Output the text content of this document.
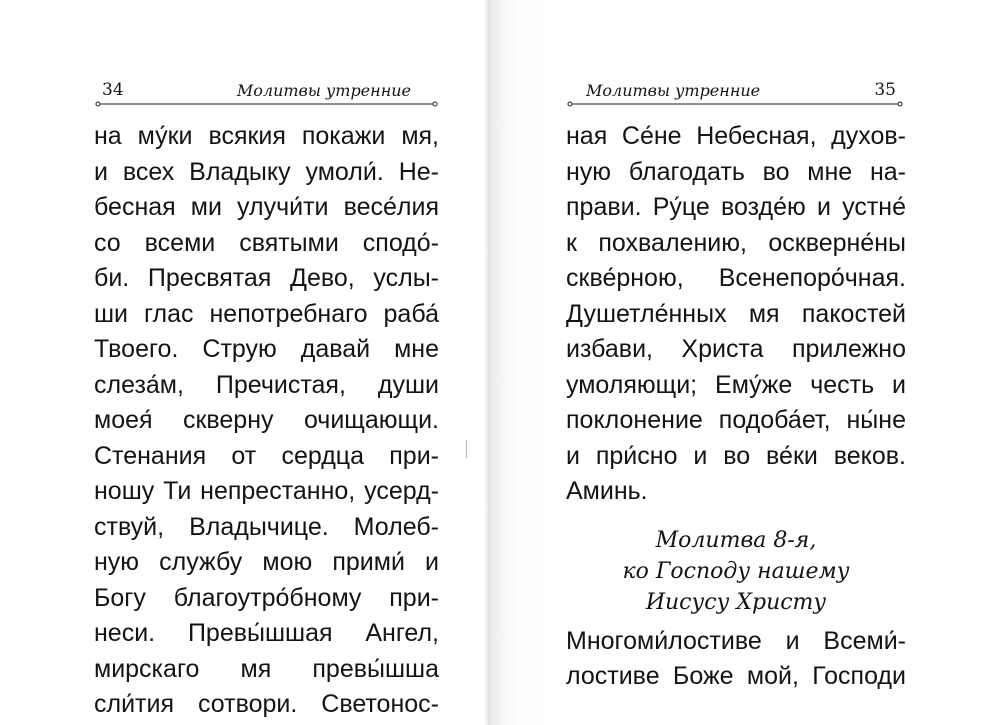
34	Молитвы утренние
на му́ки всякия покажи мя,
и всех Владыку умоли́. Не-
бесная ми улучи́ти весе́лия
со всеми святыми сподо́-
би. Пресвятая Дево, услы-
ши глас непотребнаго раба́
Твоего. Струю давай мне
слеза́м, Пречистая, души
моея́ скверну очищающи.
Стенания от сердца при-
ношу Ти непрестанно, усерд-
ствуй, Владычице. Молеб-
ную службу мою прими́ и
Богу благоутро́бному при-
неси. Превы́шшая Ангел,
мирскаго мя превы́шша
сли́тия сотвори. Светонос-
Молитвы утренние	35
ная Се́не Небесная, духов-
ную благодать во мне на-
прави. Ру́це возде́ю и устне́
к похвалению, оскверне́ны
скве́рною, Всенепоро́чная.
Душетле́нных мя пакостей
избави, Христа прилежно
умоляющи; Ему́же честь и
поклонение подоба́ет, ны́не
и при́сно и во ве́ки веков.
Аминь.
Молитва 8-я,
ко Господу нашему
Иисусу Христу
Многоми́лостиве и Всеми́-
лостиве Боже мой, Господи
